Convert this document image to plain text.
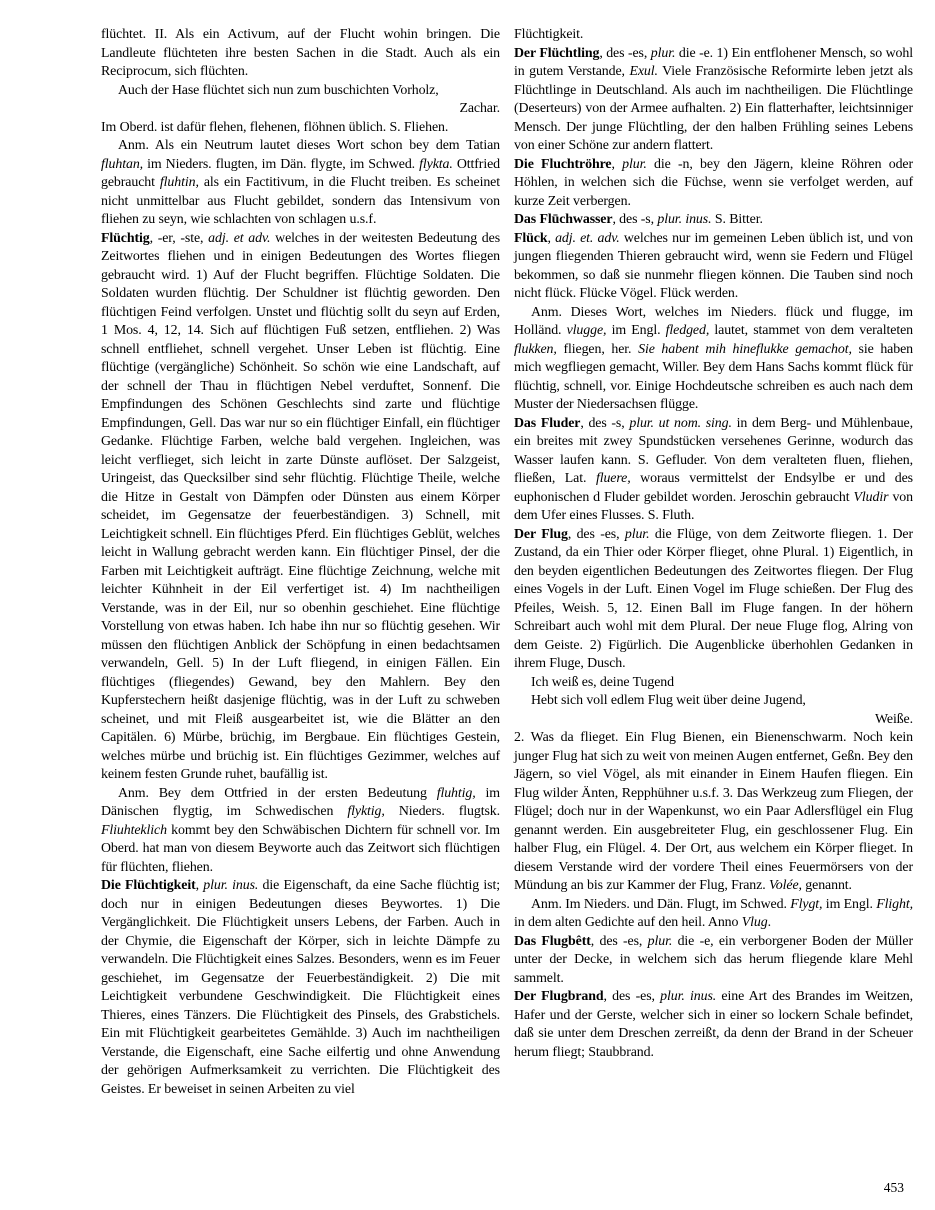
flüchtet. II. Als ein Activum, auf der Flucht wohin bringen. Die Landleute flüchteten ihre besten Sachen in die Stadt. Auch als ein Reciprocum, sich flüchten.

Auch der Hase flüchtet sich nun zum buschichten Vorholz,

Zachar.

Im Oberd. ist dafür flehen, flehenen, flöhnen üblich. S. Fliehen.

Anm. Als ein Neutrum lautet dieses Wort schon bey dem Tatian fluhtan, im Nieders. flugten, im Dän. flygte, im Schwed. flykta. Ottfried gebraucht fluhtin, als ein Factitivum, in die Flucht treiben. Es scheinet nicht unmittelbar aus Flucht gebildet, sondern das Intensivum von fliehen zu seyn, wie schlachten von schlagen u.s.f.

Flüchtig, -er, -ste, adj. et adv. welches in der weitesten Bedeutung des Zeitwortes fliehen und in einigen Bedeutungen des Wortes fliegen gebraucht wird. 1) Auf der Flucht begriffen. Flüchtige Soldaten. Die Soldaten wurden flüchtig. Der Schuldner ist flüchtig geworden. Den flüchtigen Feind verfolgen. Unstet und flüchtig sollt du seyn auf Erden, 1 Mos. 4, 12, 14. Sich auf flüchtigen Fuß setzen, entfliehen. 2) Was schnell entfliehet, schnell vergehet. Unser Leben ist flüchtig. Eine flüchtige (vergängliche) Schönheit. So schön wie eine Landschaft, auf der schnell der Thau in flüchtigen Nebel verduftet, Sonnenf. Die Empfindungen des Schönen Geschlechts sind zarte und flüchtige Empfindungen, Gell. Das war nur so ein flüchtiger Einfall, ein flüchtiger Gedanke. Flüchtige Farben, welche bald vergehen. Ingleichen, was leicht verflieget, sich leicht in zarte Dünste auflöset. Der Salzgeist, Uringeist, das Quecksilber sind sehr flüchtig. Flüchtige Theile, welche die Hitze in Gestalt von Dämpfen oder Dünsten aus einem Körper scheidet, im Gegensatze der feuerbeständigen. 3) Schnell, mit Leichtigkeit schnell. Ein flüchtiges Pferd. Ein flüchtiges Geblüt, welches leicht in Wallung gebracht werden kann. Ein flüchtiger Pinsel, der die Farben mit Leichtigkeit aufträgt. Eine flüchtige Zeichnung, welche mit leichter Kühnheit in der Eil verfertiget ist. 4) Im nachtheiligen Verstande, was in der Eil, nur so obenhin geschiehet. Eine flüchtige Vorstellung von etwas haben. Ich habe ihn nur so flüchtig gesehen. Wir müssen den flüchtigen Anblick der Schöpfung in einen bedachtsamen verwandeln, Gell. 5) In der Luft fliegend, in einigen Fällen. Ein flüchtiges (fliegendes) Gewand, bey den Mahlern. Bey den Kupferstechern heißt dasjenige flüchtig, was in der Luft zu schweben scheinet, und mit Fleiß ausgearbeitet ist, wie die Blätter an den Capitälen. 6) Mürbe, brüchig, im Bergbaue. Ein flüchtiges Gestein, welches mürbe und brüchig ist. Ein flüchtiges Gezimmer, welches auf keinem festen Grunde ruhet, baufällig ist.

Anm. Bey dem Ottfried in der ersten Bedeutung fluhtig, im Dänischen flygtig, im Schwedischen flyktig, Nieders. flugtsk. Fliuhteklich kommt bey den Schwäbischen Dichtern für schnell vor. Im Oberd. hat man von diesem Beyworte auch das Zeitwort sich flüchtigen für flüchten, fliehen.

Die Flüchtigkeit, plur. inus. die Eigenschaft, da eine Sache flüchtig ist; doch nur in einigen Bedeutungen dieses Beywortes. 1) Die Vergänglichkeit. Die Flüchtigkeit unsers Lebens, der Farben. Auch in der Chymie, die Eigenschaft der Körper, sich in leichte Dämpfe zu verwandeln. Die Flüchtigkeit eines Salzes. Besonders, wenn es im Feuer geschiehet, im Gegensatze der Feuerbeständigkeit. 2) Die mit Leichtigkeit verbundene Geschwindigkeit. Die Flüchtigkeit eines Thieres, eines Tänzers. Die Flüchtigkeit des Pinsels, des Grabstichels. Ein mit Flüchtigkeit gearbeitetes Gemählde. 3) Auch im nachtheiligen Verstande, die Eigenschaft, eine Sache eilfertig und ohne Anwendung der gehörigen Aufmerksamkeit zu verrichten. Die Flüchtigkeit des Geistes. Er beweiset in seinen Arbeiten zu viel

Flüchtigkeit.

Der Flüchtling, des -es, plur. die -e. 1) Ein entflohener Mensch, so wohl in gutem Verstande, Exul. Viele Französische Reformirte leben jetzt als Flüchtlinge in Deutschland. Als auch im nachtheiligen. Die Flüchtlinge (Deserteurs) von der Armee aufhalten. 2) Ein flatterhafter, leichtsinniger Mensch. Der junge Flüchtling, der den halben Frühling seines Lebens von einer Schöne zur andern flattert.

Die Fluchtröhre, plur. die -n, bey den Jägern, kleine Röhren oder Höhlen, in welchen sich die Füchse, wenn sie verfolget werden, auf kurze Zeit verbergen.

Das Flūchwasser, des -s, plur. inus. S. Bitter.

Flück, adj. et. adv. welches nur im gemeinen Leben üblich ist, und von jungen fliegenden Thieren gebraucht wird, wenn sie Federn und Flügel bekommen, so daß sie nunmehr fliegen können. Die Tauben sind noch nicht flück. Flücke Vögel. Flück werden.

Anm. Dieses Wort, welches im Nieders. flück und flugge, im Holländ. vlugge, im Engl. fledged, lautet, stammet von dem veralteten flukken, fliegen, her. Sie habent mih hineflukke gemachot, sie haben mich wegfliegen gemacht, Willer. Bey dem Hans Sachs kommt flück für flüchtig, schnell, vor. Einige Hochdeutsche schreiben es auch nach dem Muster der Niedersachsen flügge.

Das Fluder, des -s, plur. ut nom. sing. in dem Berg- und Mühlenbaue, ein breites mit zwey Spundstücken versehenes Gerinne, wodurch das Wasser laufen kann. S. Gefluder. Von dem veralteten fluen, fliehen, fließen, Lat. fluere, woraus vermittelst der Endsylbe er und des euphonischen d Fluder gebildet worden. Jeroschin gebraucht Vludir von dem Ufer eines Flusses. S. Fluth.

Der Flug, des -es, plur. die Flüge, von dem Zeitworte fliegen. 1. Der Zustand, da ein Thier oder Körper flieget, ohne Plural. 1) Eigentlich, in den beyden eigentlichen Bedeutungen des Zeitwortes fliegen. Der Flug eines Vogels in der Luft. Einen Vogel im Fluge schießen. Der Flug des Pfeiles, Weish. 5, 12. Einen Ball im Fluge fangen. In der höhern Schreibart auch wohl mit dem Plural. Der neue Fluge flog, Alring von dem Geiste. 2) Figürlich. Die Augenblicke überhohlen Gedanken in ihrem Fluge, Dusch.

Ich weiß es, deine Tugend

Hebt sich voll edlem Flug weit über deine Jugend,

Weiße.

2. Was da flieget. Ein Flug Bienen, ein Bienenschwarm. Noch kein junger Flug hat sich zu weit von meinen Augen entfernet, Geßn. Bey den Jägern, so viel Vögel, als mit einander in Einem Haufen fliegen. Ein Flug wilder Änten, Repphühner u.s.f. 3. Das Werkzeug zum Fliegen, der Flügel; doch nur in der Wapenkunst, wo ein Paar Adlersflügel ein Flug genannt werden. Ein ausgebreiteter Flug, ein geschlossener Flug. Ein halber Flug, ein Flügel. 4. Der Ort, aus welchem ein Körper flieget. In diesem Verstande wird der vordere Theil eines Feuermörsers von der Mündung an bis zur Kammer der Flug, Franz. Volée, genannt.

Anm. Im Nieders. und Dän. Flugt, im Schwed. Flygt, im Engl. Flight, in dem alten Gedichte auf den heil. Anno Vlug.

Das Flugbêtt, des -es, plur. die -e, ein verborgener Boden der Müller unter der Decke, in welchem sich das herum fliegende klare Mehl sammelt.

Der Flugbrand, des -es, plur. inus. eine Art des Brandes im Weitzen, Hafer und der Gerste, welcher sich in einer so lockern Schale befindet, daß sie unter dem Dreschen zerreißt, da denn der Brand in der Scheuer herum fliegt; Staubbrand.

453
